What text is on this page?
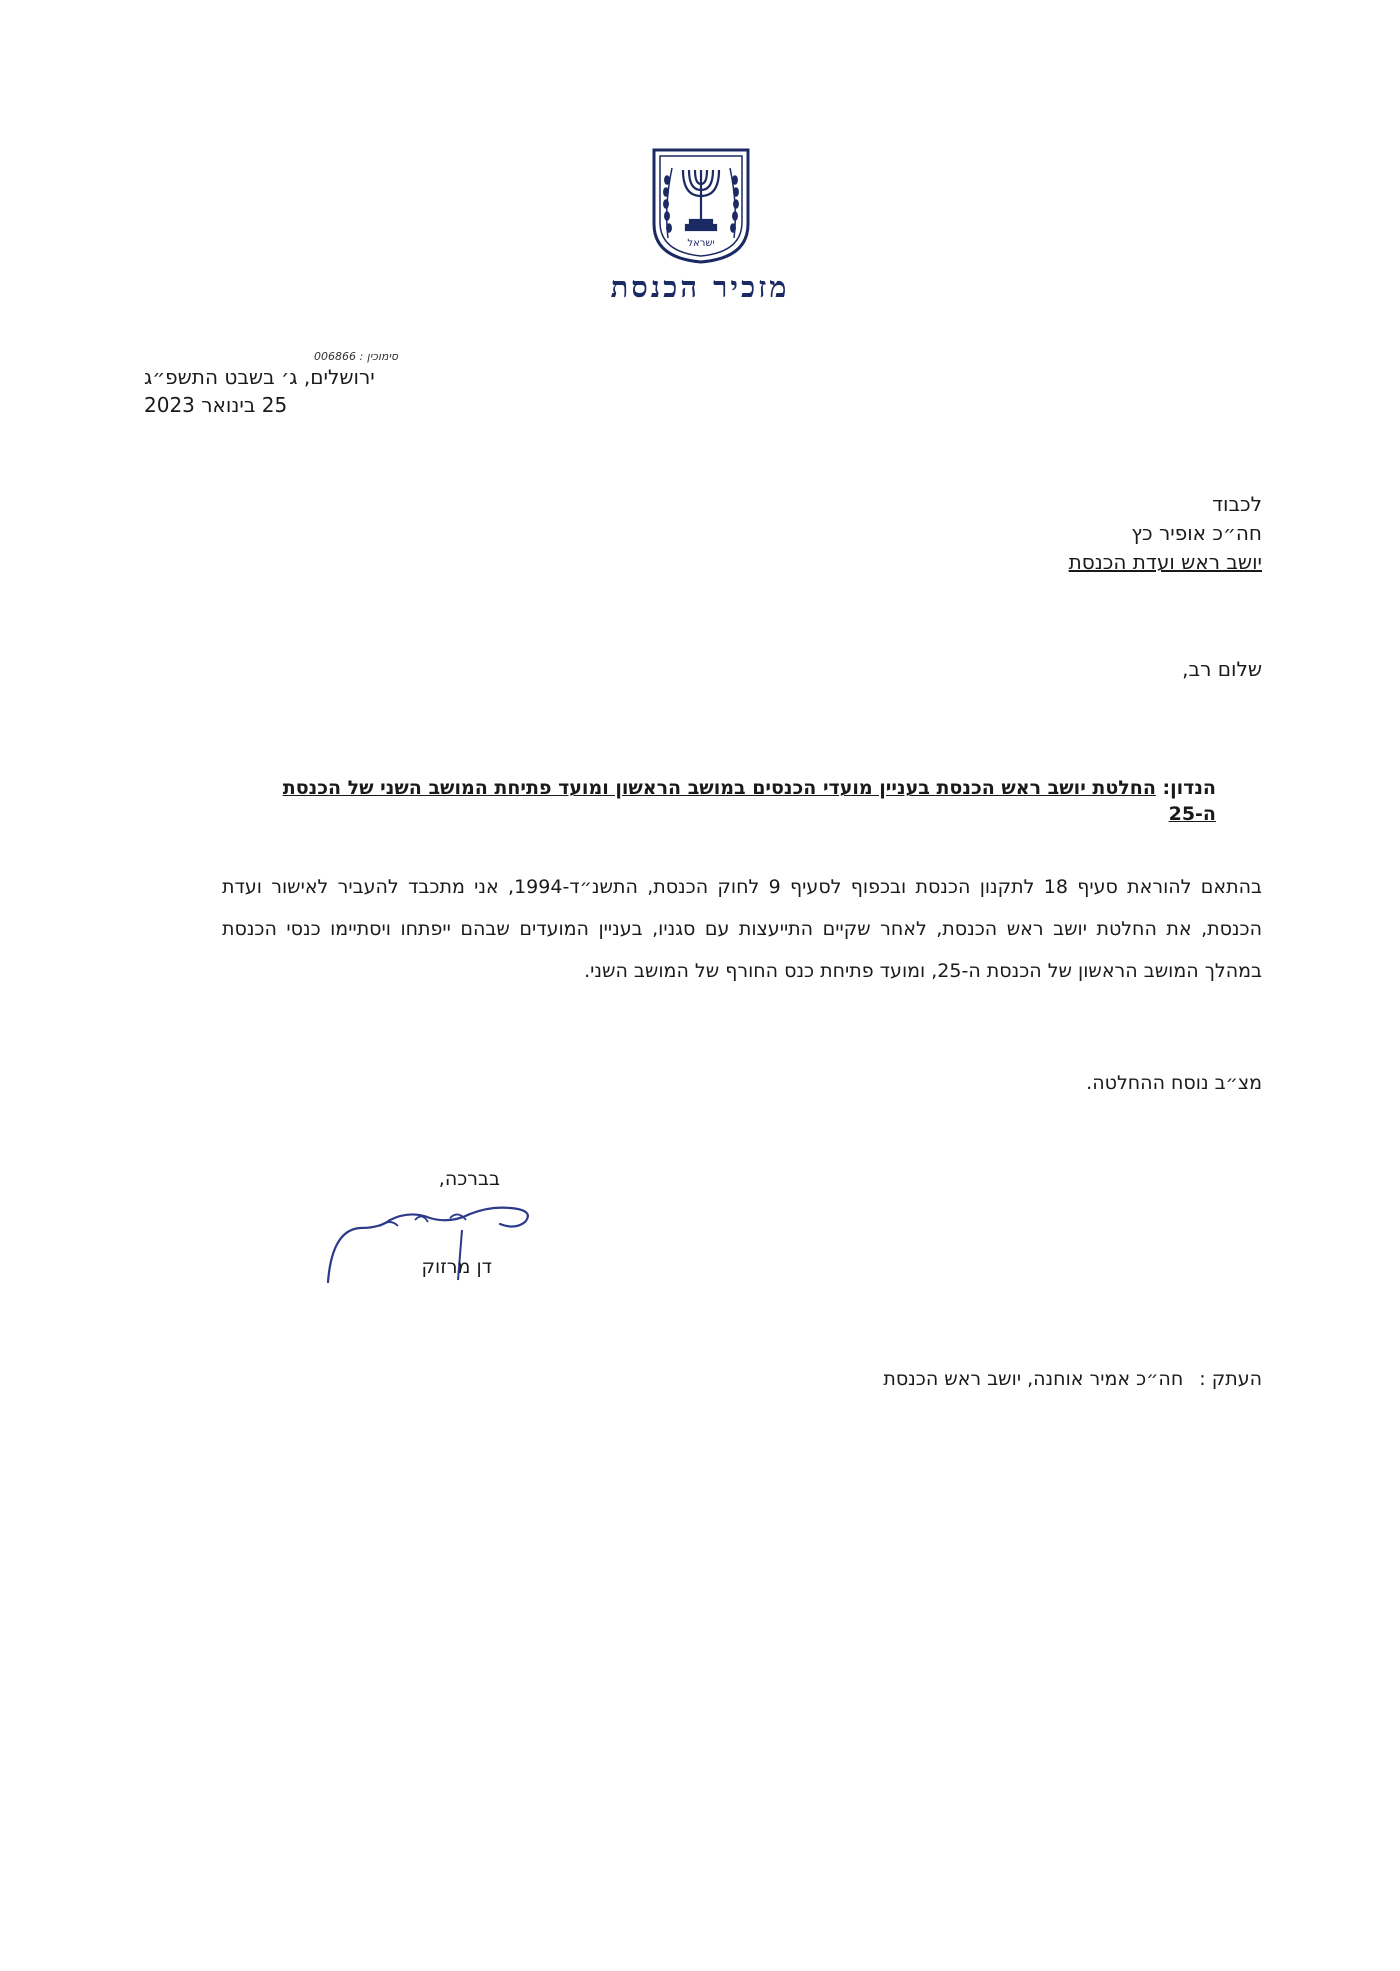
ישראל
מזכיר הכנסת
סימוכין : 006866
ירושלים, ג׳ בשבט התשפ״ג
25 בינואר 2023
לכבוד
חה״כ אופיר כץ
יושב ראש ועדת הכנסת
שלום רב,
הנדון: החלטת יושב ראש הכנסת בעניין מועדי הכנסים במושב הראשון ומועד פתיחת המושב השני של הכנסת ה-25
בהתאם להוראת סעיף 18 לתקנון הכנסת ובכפוף לסעיף 9 לחוק הכנסת, התשנ״ד-1994, אני מתכבד להעביר לאישור ועדת הכנסת, את החלטת יושב ראש הכנסת, לאחר שקיים התייעצות עם סגניו, בעניין המועדים שבהם ייפתחו ויסתיימו כנסי הכנסת במהלך המושב הראשון של הכנסת ה-25, ומועד פתיחת כנס החורף של המושב השני.
מצ״ב נוסח ההחלטה.
בברכה,
דן מרזוק
העתק : חה״כ אמיר אוחנה, יושב ראש הכנסת
